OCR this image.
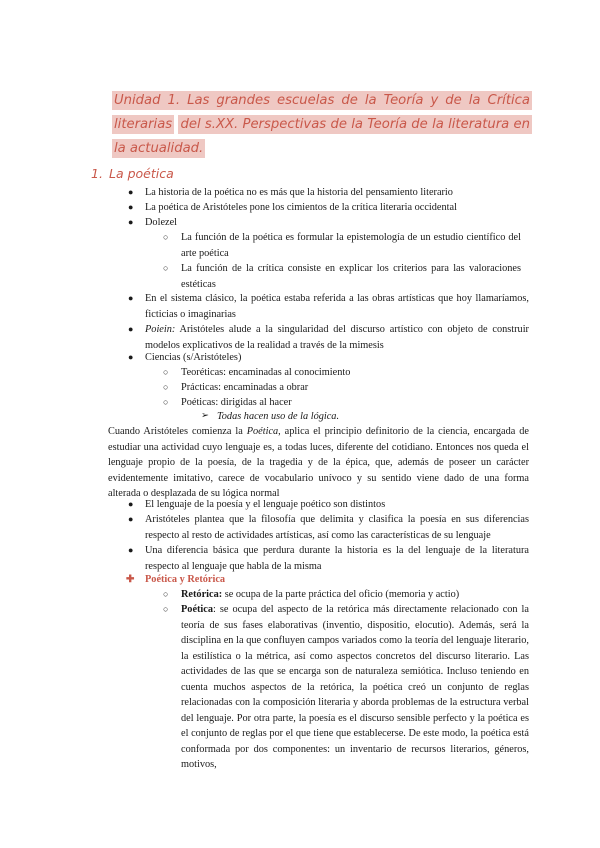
Unidad 1. Las grandes escuelas de la Teoría y de la Crítica literarias del s.XX. Perspectivas de la Teoría de la literatura en la actualidad.
1. La poética
● La historia de la poética no es más que la historia del pensamiento literario
● La poética de Aristóteles pone los cimientos de la crítica literaria occidental
● Dolezel
○ La función de la poética es formular la epistemología de un estudio científico del arte poética
○ La función de la crítica consiste en explicar los criterios para las valoraciones estéticas
● En el sistema clásico, la poética estaba referida a las obras artísticas que hoy llamaríamos, ficticias o imaginarias
● Poiein: Aristóteles alude a la singularidad del discurso artístico con objeto de construir modelos explicativos de la realidad a través de la mimesis
● Ciencias (s/Aristóteles)
○ Teoréticas: encaminadas al conocimiento
○ Prácticas: encaminadas a obrar
○ Poéticas: dirigidas al hacer
➢ Todas hacen uso de la lógica.
Cuando Aristóteles comienza la Poética, aplica el principio definitorio de la ciencia, encargada de estudiar una actividad cuyo lenguaje es, a todas luces, diferente del cotidiano. Entonces nos queda el lenguaje propio de la poesía, de la tragedia y de la épica, que, además de poseer un carácter evidentemente imitativo, carece de vocabulario unívoco y su sentido viene dado de una forma alterada o desplazada de su lógica normal
● El lenguaje de la poesía y el lenguaje poético son distintos
● Aristóteles plantea que la filosofía que delimita y clasifica la poesía en sus diferencias respecto al resto de actividades artísticas, así como las características de su lenguaje
● Una diferencia básica que perdura durante la historia es la del lenguaje de la literatura respecto al lenguaje que habla de la misma
✚ Poética y Retórica
○ Retórica: se ocupa de la parte práctica del oficio (memoria y actio)
○ Poética: se ocupa del aspecto de la retórica más directamente relacionado con la teoría de sus fases elaborativas (inventio, dispositio, elocutio). Además, será la disciplina en la que confluyen campos variados como la teoría del lenguaje literario, la estilística o la métrica, así como aspectos concretos del discurso literario. Las actividades de las que se encarga son de naturaleza semiótica. Incluso teniendo en cuenta muchos aspectos de la retórica, la poética creó un conjunto de reglas relacionadas con la composición literaria y aborda problemas de la estructura verbal del lenguaje. Por otra parte, la poesía es el discurso sensible perfecto y la poética es el conjunto de reglas por el que tiene que establecerse. De este modo, la poética está conformada por dos componentes: un inventario de recursos literarios, géneros, motivos,
